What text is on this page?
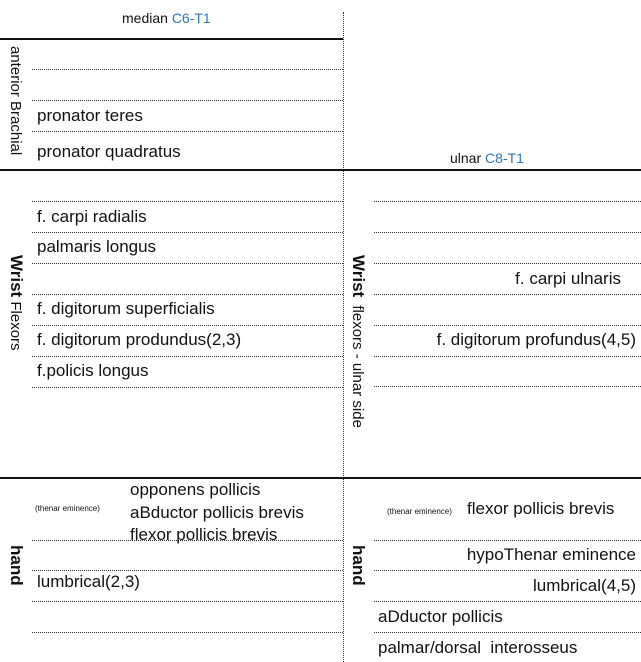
median C6-T1
ulnar C8-T1
anterior Brachial
Wrist Flexors
hand
Wrist flexors - ulnar side
hand
pronator teres
pronator quadratus
f. carpi radialis
palmaris longus
f. digitorum superficialis
f. digitorum produndus(2,3)
f.policis longus
(thenar eminence)
opponens pollicis
aBductor pollicis brevis
flexor pollicis brevis
lumbrical(2,3)
f. carpi ulnaris
f. digitorum profundus(4,5)
(thenar eminence) flexor pollicis brevis
hypoThenar eminence
lumbrical(4,5)
aDductor pollicis
palmar/dorsal  interosseus
